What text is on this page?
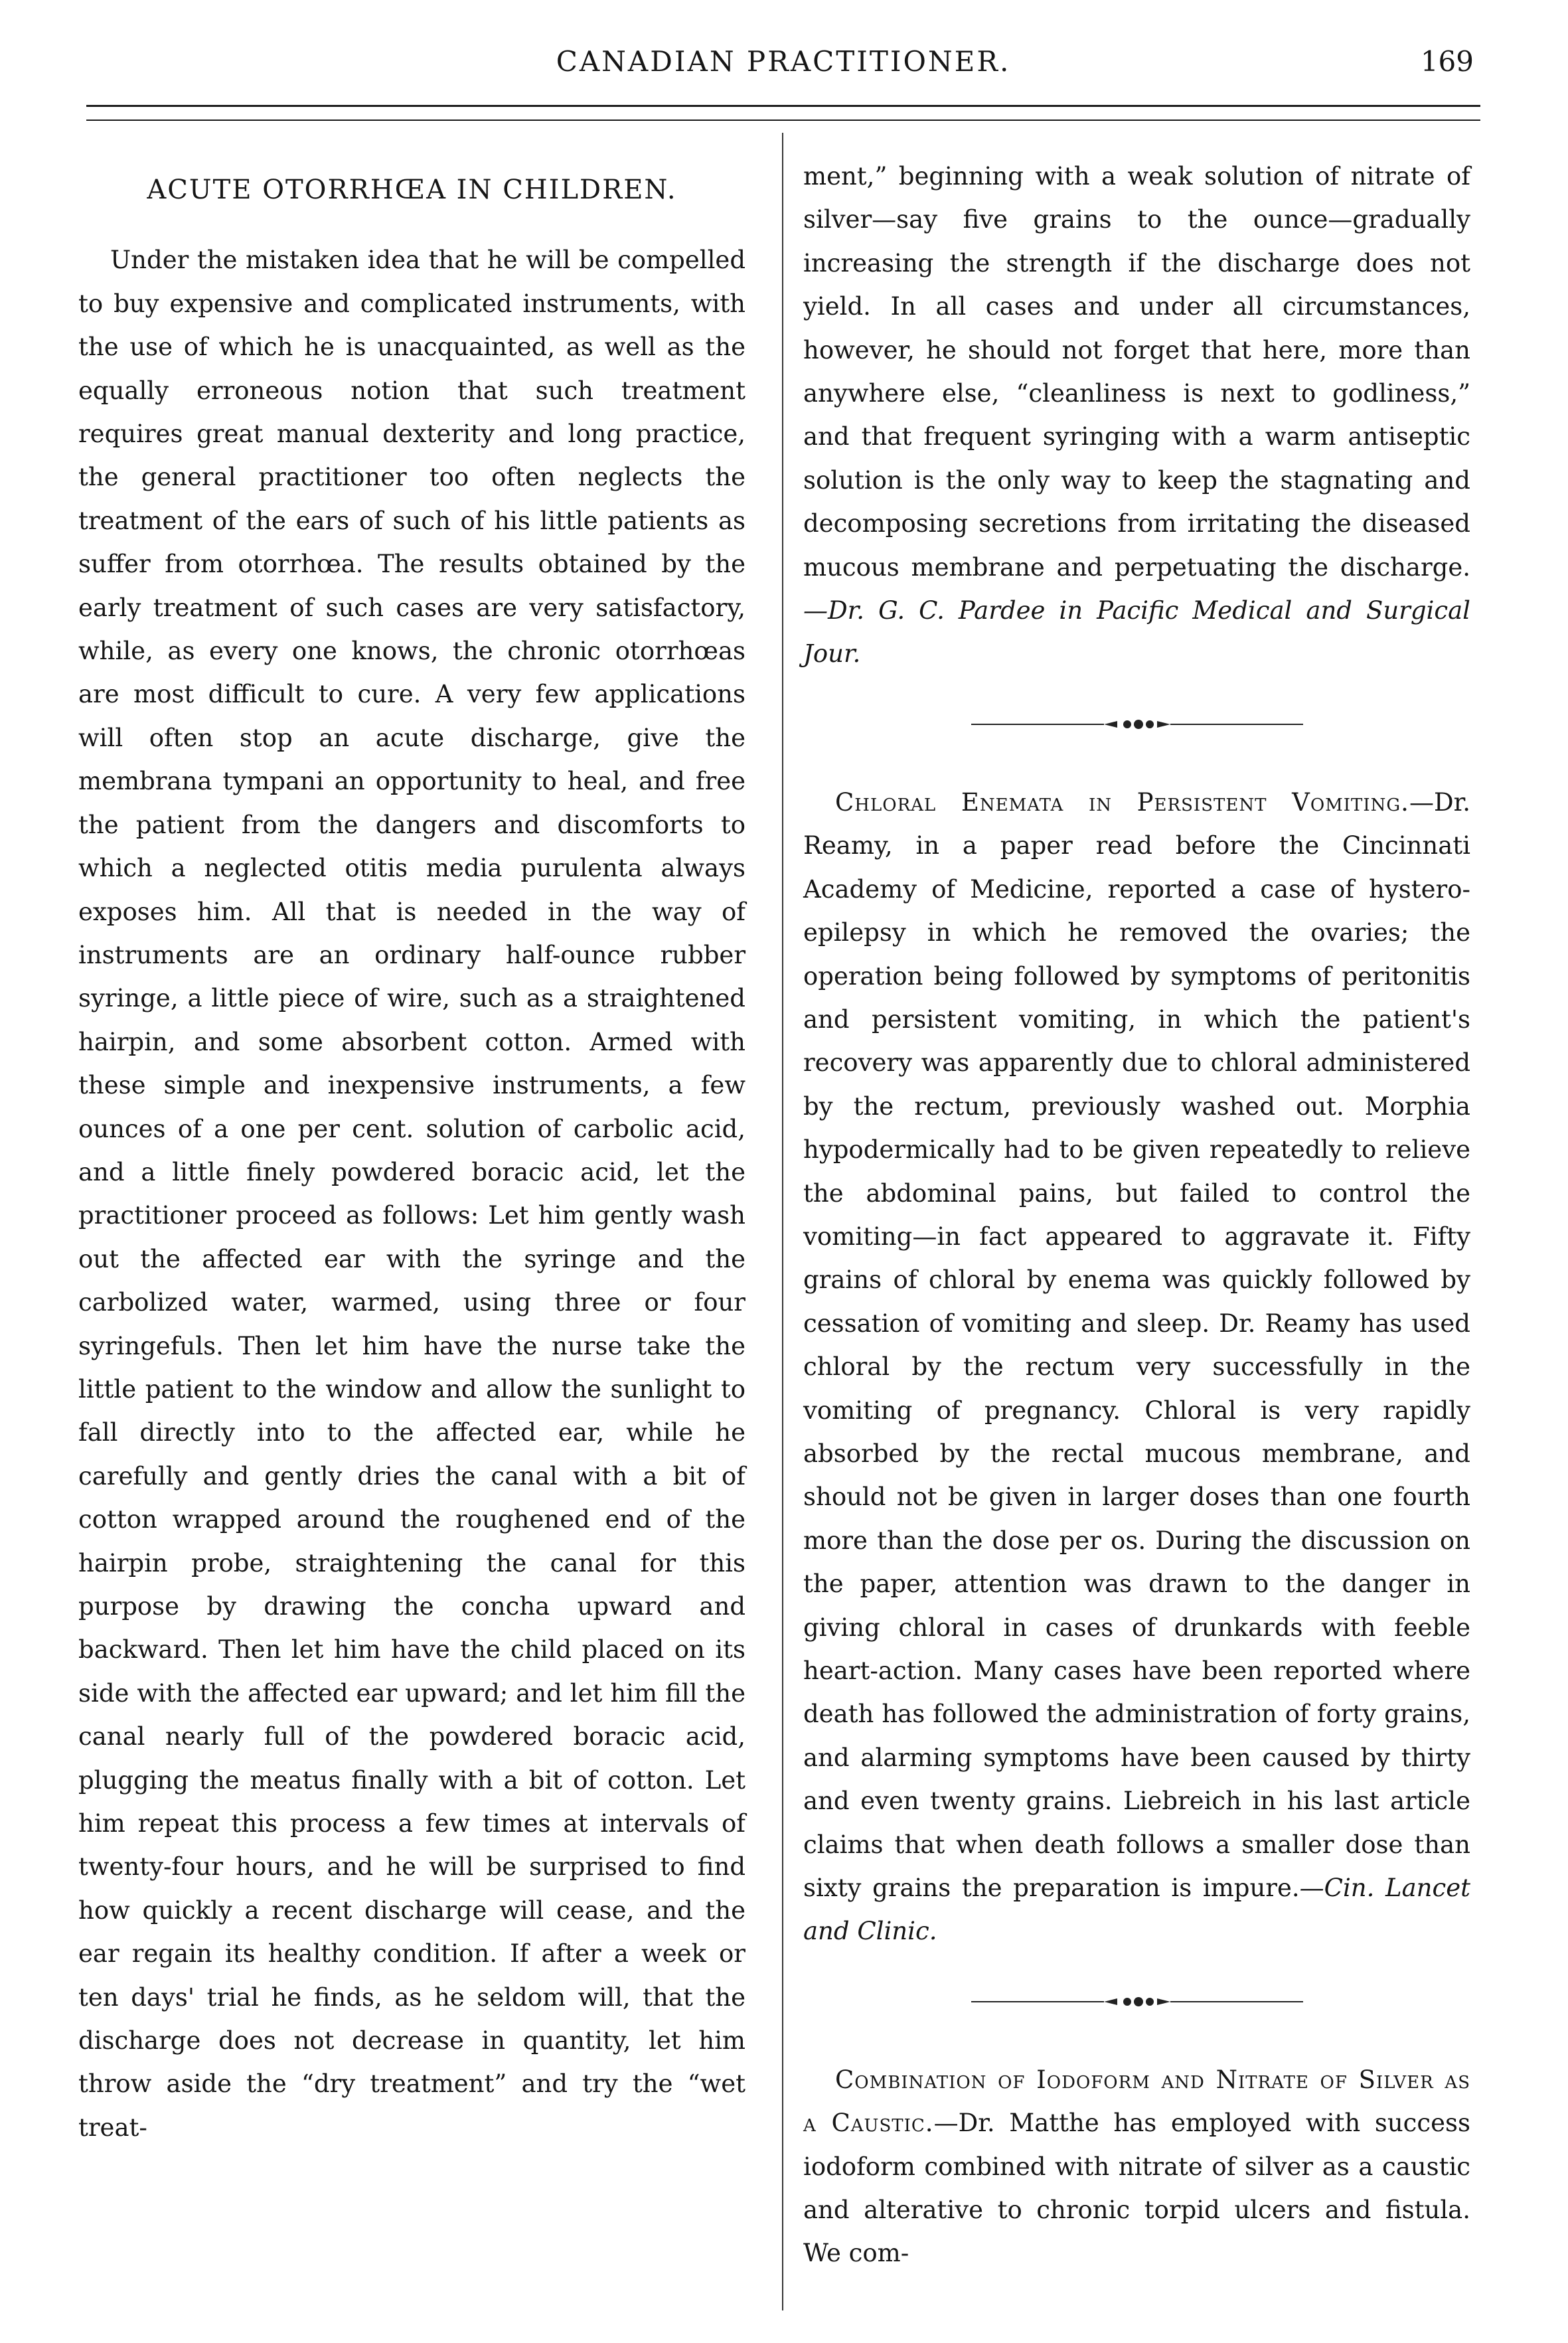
CANADIAN PRACTITIONER.	169

ACUTE OTORRHŒA IN CHILDREN.

Under the mistaken idea that he will be compelled to buy expensive and complicated instruments, with the use of which he is unacquainted, as well as the equally erroneous notion that such treatment requires great manual dexterity and long practice, the general practitioner too often neglects the treatment of the ears of such of his little patients as suffer from otorrhœa. The results obtained by the early treatment of such cases are very satisfactory, while, as every one knows, the chronic otorrhœas are most difficult to cure. A very few applications will often stop an acute discharge, give the membrana tympani an opportunity to heal, and free the patient from the dangers and discomforts to which a neglected otitis media purulenta always exposes him. All that is needed in the way of instruments are an ordinary half-ounce rubber syringe, a little piece of wire, such as a straightened hairpin, and some absorbent cotton. Armed with these simple and inexpensive instruments, a few ounces of a one per cent. solution of carbolic acid, and a little finely powdered boracic acid, let the practitioner proceed as follows: Let him gently wash out the affected ear with the syringe and the carbolized water, warmed, using three or four syringefuls. Then let him have the nurse take the little patient to the window and allow the sunlight to fall directly into to the affected ear, while he carefully and gently dries the canal with a bit of cotton wrapped around the roughened end of the hairpin probe, straightening the canal for this purpose by drawing the concha upward and backward. Then let him have the child placed on its side with the affected ear upward; and let him fill the canal nearly full of the powdered boracic acid, plugging the meatus finally with a bit of cotton. Let him repeat this process a few times at intervals of twenty-four hours, and he will be surprised to find how quickly a recent discharge will cease, and the ear regain its healthy condition. If after a week or ten days' trial he finds, as he seldom will, that the discharge does not decrease in quantity, let him throw aside the “dry treatment” and try the “wet treat-

ment,” beginning with a weak solution of nitrate of silver—say five grains to the ounce—gradually increasing the strength if the discharge does not yield. In all cases and under all circumstances, however, he should not forget that here, more than anywhere else, “cleanliness is next to godliness,” and that frequent syringing with a warm antiseptic solution is the only way to keep the stagnating and decomposing secretions from irritating the diseased mucous membrane and perpetuating the discharge.—Dr. G. C. Pardee in Pacific Medical and Surgical Jour.

Chloral Enemata in Persistent Vomiting.—Dr. Reamy, in a paper read before the Cincinnati Academy of Medicine, reported a case of hystero-epilepsy in which he removed the ovaries; the operation being followed by symptoms of peritonitis and persistent vomiting, in which the patient's recovery was apparently due to chloral administered by the rectum, previously washed out. Morphia hypodermically had to be given repeatedly to relieve the abdominal pains, but failed to control the vomiting—in fact appeared to aggravate it. Fifty grains of chloral by enema was quickly followed by cessation of vomiting and sleep. Dr. Reamy has used chloral by the rectum very successfully in the vomiting of pregnancy. Chloral is very rapidly absorbed by the rectal mucous membrane, and should not be given in larger doses than one fourth more than the dose per os. During the discussion on the paper, attention was drawn to the danger in giving chloral in cases of drunkards with feeble heart-action. Many cases have been reported where death has followed the administration of forty grains, and alarming symptoms have been caused by thirty and even twenty grains. Liebreich in his last article claims that when death follows a smaller dose than sixty grains the preparation is impure.—Cin. Lancet and Clinic.

Combination of Iodoform and Nitrate of Silver as a Caustic.—Dr. Matthe has employed with success iodoform combined with nitrate of silver as a caustic and alterative to chronic torpid ulcers and fistula. We com-
